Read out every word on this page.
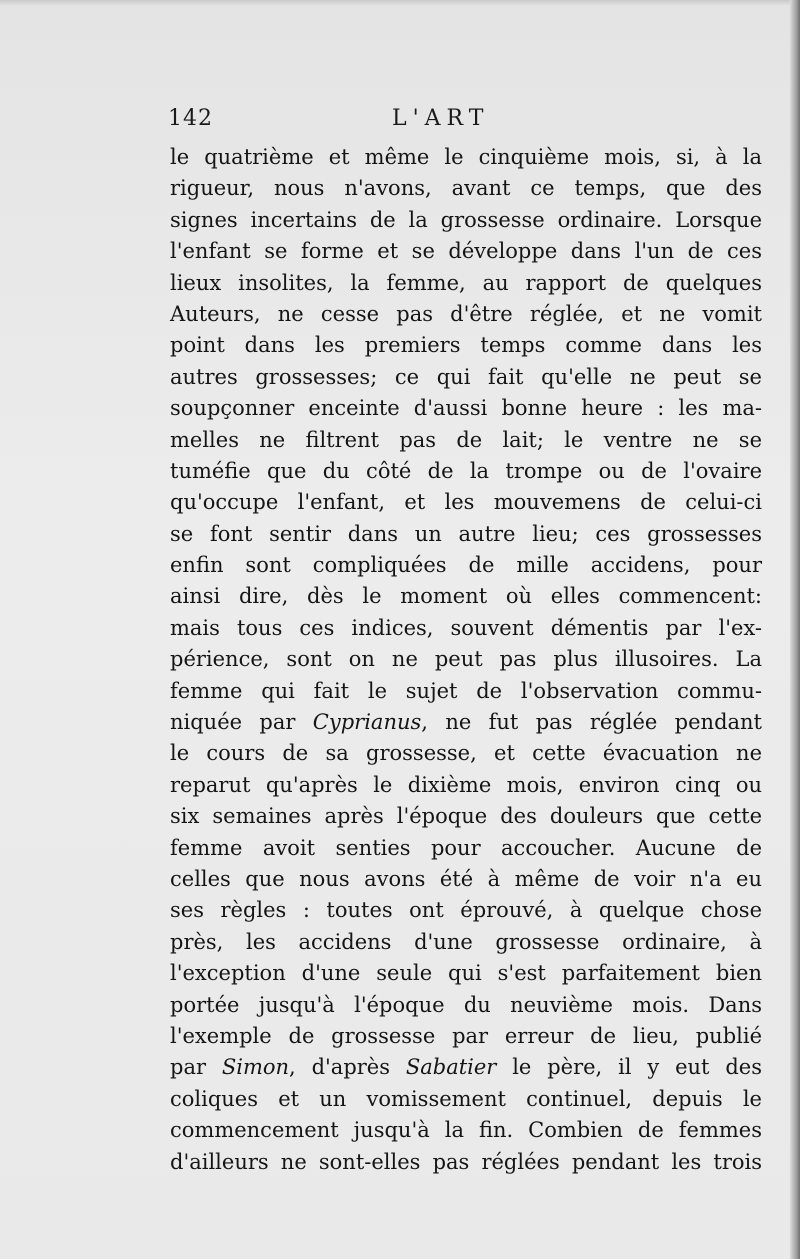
142	L'ART
le quatrième et même le cinquième mois, si, à la
rigueur, nous n'avons, avant ce temps, que des
signes incertains de la grossesse ordinaire. Lorsque
l'enfant se forme et se développe dans l'un de ces
lieux insolites, la femme, au rapport de quelques
Auteurs, ne cesse pas d'être réglée, et ne vomit
point dans les premiers temps comme dans les
autres grossesses; ce qui fait qu'elle ne peut se
soupçonner enceinte d'aussi bonne heure : les ma-
melles ne filtrent pas de lait; le ventre ne se
tuméfie que du côté de la trompe ou de l'ovaire
qu'occupe l'enfant, et les mouvemens de celui-ci
se font sentir dans un autre lieu; ces grossesses
enfin sont compliquées de mille accidens, pour
ainsi dire, dès le moment où elles commencent:
mais tous ces indices, souvent démentis par l'ex-
périence, sont on ne peut pas plus illusoires. La
femme qui fait le sujet de l'observation commu-
niquée par Cyprianus, ne fut pas réglée pendant
le cours de sa grossesse, et cette évacuation ne
reparut qu'après le dixième mois, environ cinq ou
six semaines après l'époque des douleurs que cette
femme avoit senties pour accoucher. Aucune de
celles que nous avons été à même de voir n'a eu
ses règles : toutes ont éprouvé, à quelque chose
près, les accidens d'une grossesse ordinaire, à
l'exception d'une seule qui s'est parfaitement bien
portée jusqu'à l'époque du neuvième mois. Dans
l'exemple de grossesse par erreur de lieu, publié
par Simon, d'après Sabatier le père, il y eut des
coliques et un vomissement continuel, depuis le
commencement jusqu'à la fin. Combien de femmes
d'ailleurs ne sont-elles pas réglées pendant les trois
